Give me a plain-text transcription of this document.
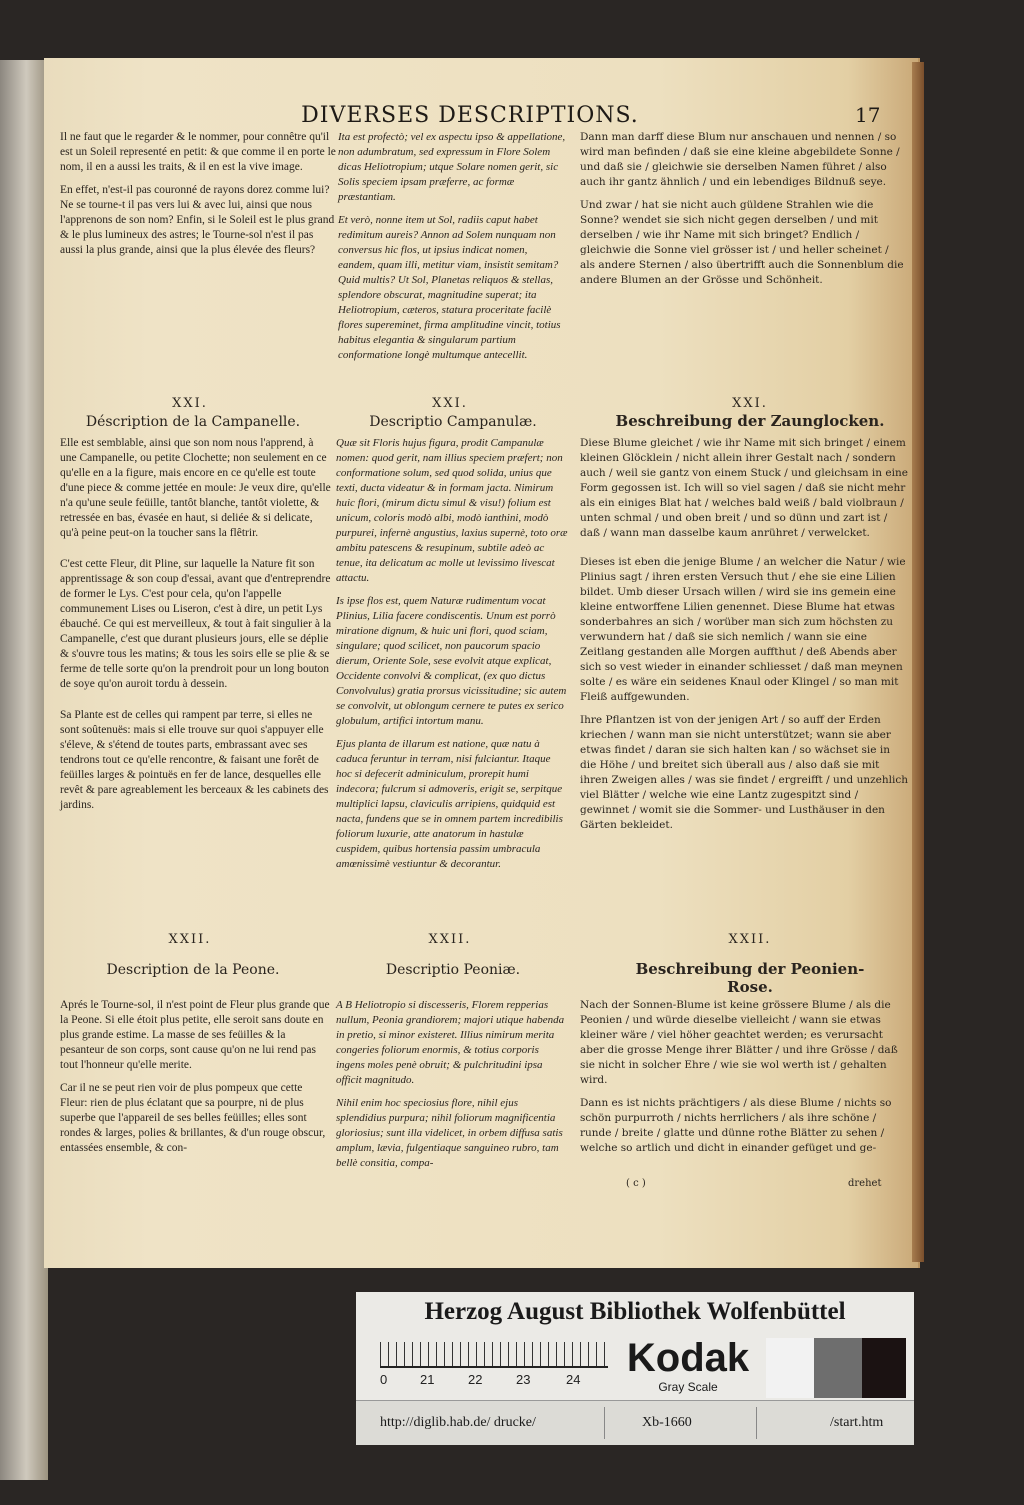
DIVERSES DESCRIPTIONS.	17

Il ne faut que le regarder & le nommer, pour connêtre qu'il est un Soleil representé en petit: & que comme il en porte le nom, il en a aussi les traits, & il en est la vive image.

En effet, n'est-il pas couronné de rayons dorez comme lui? Ne se tourne-t il pas vers lui & avec lui, ainsi que nous l'apprenons de son nom? Enfin, si le Soleil est le plus grand & le plus lumineux des astres; le Tourne-sol n'est il pas aussi la plus grande, ainsi que la plus élevée des fleurs?

Ita est profectò; vel ex aspectu ipso & appellatione, non adumbratum, sed expressum in Flore Solem dicas Heliotropium; utque Solare nomen gerit, sic Solis speciem ipsam præferre, ac formæ præstantiam.

Et verò, nonne item ut Sol, radiis caput habet redimitum aureis? Annon ad Solem nunquam non conversus hic flos, ut ipsius indicat nomen, eandem, quam illi, metitur viam, insistit semitam? Quid multis? Ut Sol, Planetas reliquos & stellas, splendore obscurat, magnitudine superat; ita Heliotropium, cæteros, statura proceritate facilè flores supereminet, firma amplitudine vincit, totius habitus elegantia & singularum partium conformatione longè multumque antecellit.

Dann man darff diese Blum nur anschauen und nennen / so wird man befinden / daß sie eine kleine abgebildete Sonne / und daß sie / gleichwie sie derselben Namen führet / also auch ihr gantz ähnlich / und ein lebendiges Bildnuß seye.

Und zwar / hat sie nicht auch güldene Strahlen wie die Sonne? wendet sie sich nicht gegen derselben / und mit derselben / wie ihr Name mit sich bringet? Endlich / gleichwie die Sonne viel grösser ist / und heller scheinet / als andere Sternen / also übertrifft auch die Sonnenblum die andere Blumen an der Grösse und Schönheit.

XXI.	XXI.	XXI.
Déscription de la Campanelle.	Descriptio Campanulæ.	Beschreibung der Zaunglocken.

Elle est semblable, ainsi que son nom nous l'apprend, à une Campanelle, ou petite Clochette; non seulement en ce qu'elle en a la figure, mais encore en ce qu'elle est toute d'une piece & comme jettée en moule: Je veux dire, qu'elle n'a qu'une seule feüille, tantôt blanche, tantôt violette, & retressée en bas, évasée en haut, si deliée & si delicate, qu'à peine peut-on la toucher sans la flêtrir.

C'est cette Fleur, dit Pline, sur laquelle la Nature fit son apprentissage & son coup d'essai, avant que d'entreprendre de former le Lys. C'est pour cela, qu'on l'appelle communement Lises ou Liseron, c'est à dire, un petit Lys ébauché. Ce qui est merveilleux, & tout à fait singulier à la Campanelle, c'est que durant plusieurs jours, elle se déplie & s'ouvre tous les matins; & tous les soirs elle se plie & se ferme de telle sorte qu'on la prendroit pour un long bouton de soye qu'on auroit tordu à dessein.

Sa Plante est de celles qui rampent par terre, si elles ne sont soûtenuës: mais si elle trouve sur quoi s'appuyer elle s'éleve, & s'étend de toutes parts, embrassant avec ses tendrons tout ce qu'elle rencontre, & faisant une forêt de feüilles larges & pointuës en fer de lance, desquelles elle revêt & pare agreablement les berceaux & les cabinets des jardins.

Quæ sit Floris hujus figura, prodit Campanulæ nomen: quod gerit, nam illius speciem præfert; non conformatione solum, sed quod solida, unius que texti, ducta videatur & in formam jacta. Nimirum huic flori, (mirum dictu simul & visu!) folium est unicum, coloris modò albi, modò ianthini, modò purpurei, infernè angustius, laxius supernè, toto oræ ambitu patescens & resupinum, subtile adeò ac tenue, ita delicatum ac molle ut levissimo livescat attactu.

Is ipse flos est, quem Naturæ rudimentum vocat Plinius, Lilia facere condiscentis. Unum est porrò miratione dignum, & huic uni flori, quod sciam, singulare; quod scilicet, non paucorum spacio dierum, Oriente Sole, sese evolvit atque explicat, Occidente convolvi & complicat, (ex quo dictus Convolvulus) gratia prorsus vicissitudine; sic autem se convolvit, ut oblongum cernere te putes ex serico globulum, artifici intortum manu.

Ejus planta de illarum est natione, quæ natu à caduca feruntur in terram, nisi fulciantur. Itaque hoc si defecerit adminiculum, prorepit humi indecora; fulcrum si admoveris, erigit se, serpitque multiplici lapsu, claviculis arripiens, quidquid est nacta, fundens que se in omnem partem incredibilis foliorum luxurie, atte anatorum in hastulæ cuspidem, quibus hortensia passim umbracula amœnissimè vestiuntur & decorantur.

Diese Blume gleichet / wie ihr Name mit sich bringet / einem kleinen Glöcklein / nicht allein ihrer Gestalt nach / sondern auch / weil sie gantz von einem Stuck / und gleichsam in eine Form gegossen ist. Ich will so viel sagen / daß sie nicht mehr als ein einiges Blat hat / welches bald weiß / bald violbraun / unten schmal / und oben breit / und so dünn und zart ist / daß / wann man dasselbe kaum anrühret / verwelcket.

Dieses ist eben die jenige Blume / an welcher die Natur / wie Plinius sagt / ihren ersten Versuch thut / ehe sie eine Lilien bildet. Umb dieser Ursach willen / wird sie ins gemein eine kleine entworffene Lilien genennet. Diese Blume hat etwas sonderbahres an sich / worüber man sich zum höchsten zu verwundern hat / daß sie sich nemlich / wann sie eine Zeitlang gestanden alle Morgen auffthut / deß Abends aber sich so vest wieder in einander schliesset / daß man meynen solte / es wäre ein seidenes Knaul oder Klingel / so man mit Fleiß auffgewunden.

Ihre Pflantzen ist von der jenigen Art / so auff der Erden kriechen / wann man sie nicht unterstützet; wann sie aber etwas findet / daran sie sich halten kan / so wächset sie in die Höhe / und breitet sich überall aus / also daß sie mit ihren Zweigen alles / was sie findet / ergreifft / und unzehlich viel Blätter / welche wie eine Lantz zugespitzt sind / gewinnet / womit sie die Sommer- und Lusthäuser in den Gärten bekleidet.

XXII.	XXII.	XXII.
Description de la Peone.	Descriptio Peoniæ.	Beschreibung der Peonien-Rose.

Aprés le Tourne-sol, il n'est point de Fleur plus grande que la Peone. Si elle étoit plus petite, elle seroit sans doute en plus grande estime. La masse de ses feüilles & la pesanteur de son corps, sont cause qu'on ne lui rend pas tout l'honneur qu'elle merite.

Car il ne se peut rien voir de plus pompeux que cette Fleur: rien de plus éclatant que sa pourpre, ni de plus superbe que l'appareil de ses belles feüilles; elles sont rondes & larges, polies & brillantes, & d'un rouge obscur, entassées ensemble, & con-

A B Heliotropio si discesseris, Florem repperias nullum, Peonia grandiorem; majori utique habenda in pretio, si minor existeret. Illius nimirum merita congeries foliorum enormis, & totius corporis ingens moles penè obruit; & pulchritudini ipsa officit magnitudo.

Nihil enim hoc speciosius flore, nihil ejus splendidius purpura; nihil foliorum magnificentia gloriosius; sunt illa videlicet, in orbem diffusa satis amplum, lævia, fulgentiaque sanguineo rubro, tam bellè consitia, compa-

Nach der Sonnen-Blume ist keine grössere Blume / als die Peonien / und würde dieselbe vielleicht / wann sie etwas kleiner wäre / viel höher geachtet werden; es verursacht aber die grosse Menge ihrer Blätter / und ihre Grösse / daß sie nicht in solcher Ehre / wie sie wol werth ist / gehalten wird.

Dann es ist nichts prächtigers / als diese Blume / nichts so schön purpurroth / nichts herrlichers / als ihre schöne / runde / breite / glatte und dünne rothe Blätter zu sehen / welche so artlich und dicht in einander gefüget und ge-

( c )	drehet
Herzog August Bibliothek Wolfenbüttel
0	21	22	23	24 Kodak
Gray Scale
http://diglib.hab.de/ drucke/	Xb-1660	/start.htm
